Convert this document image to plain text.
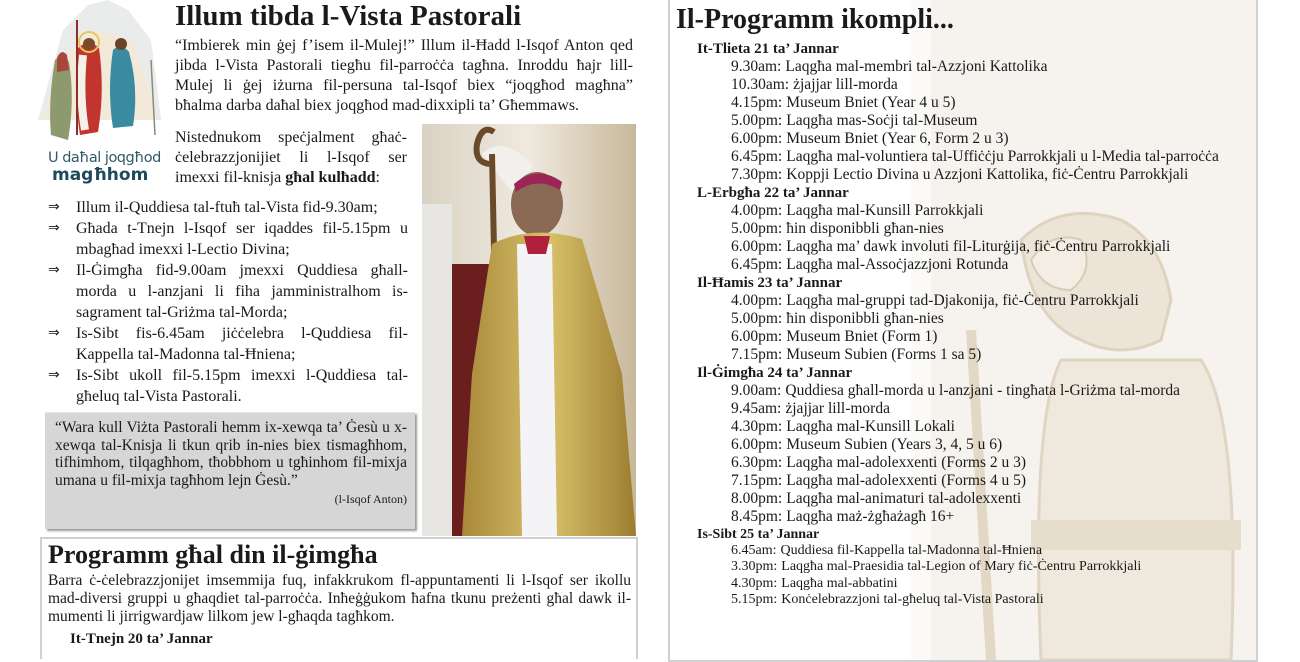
U daħal joqgħod
magħhom
Illum tibda l-Vista Pastorali

“Imbierek min ġej f’isem il-Mulej!” Illum il-Ħadd l-Isqof Anton qed jibda l-Vista Pastorali tiegħu fil-parroċċa tagħna. Inroddu ħajr lill-Mulej li ġej iżurna fil-persuna tal-Isqof biex “joqgħod magħna” bħalma darba daħal biex joqgħod mad-dixxipli ta’ Għemmaws.

Nistednukom speċjalment għaċ-ċelebrazzjonijiet li l-Isqof ser imexxi fil-knisja għal kulħadd:

⇒	Illum il-Quddiesa tal-ftuħ tal-Vista fid-9.30am;
⇒	Għada t-Tnejn l-Isqof ser iqaddes fil-5.15pm u mbagħad imexxi l-Lectio Divina;
⇒	Il-Ġimgħa fid-9.00am jmexxi Quddiesa għall-morda u l-anzjani li fiha jamministralhom is-sagrament tal-Griżma tal-Morda;
⇒	Is-Sibt fis-6.45am jiċċelebra l-Quddiesa fil-Kappella tal-Madonna tal-Ħniena;
⇒	Is-Sibt ukoll fil-5.15pm imexxi l-Quddiesa tal-għeluq tal-Vista Pastorali.
“Wara kull Viżta Pastorali hemm ix-xewqa ta’ Ġesù u x-xewqa tal-Knisja li tkun qrib in-nies biex tismagħhom, tifhimhom, tilqagħhom, tħobbhom u tgħinhom fil-mixja umana u fil-mixja tagħhom lejn Ġesù.”
(l-Isqof Anton)
Programm għal din il-ġimgħa

Barra ċ-ċelebrazzjonijet imsemmija fuq, infakkrukom fl-appuntamenti li l-Isqof ser ikollu mad-diversi gruppi u għaqdiet tal-parroċċa. Inħeġġukom ħafna tkunu preżenti għal dawk il-mumenti li jirrigwardjaw lilkom jew l-għaqda tagħkom.

It-Tnejn 20 ta’ Jannar
Il-Programm ikompli...
It-Tlieta 21 ta’ Jannar
9.30am: Laqgħa mal-membri tal-Azzjoni Kattolika
10.30am: żjajjar lill-morda
4.15pm: Museum Bniet (Year 4 u 5)
5.00pm: Laqgħa mas-Soċji tal-Museum
6.00pm: Museum Bniet (Year 6, Form 2 u 3)
6.45pm: Laqgħa mal-voluntiera tal-Uffiċċju Parrokkjali u l-Media tal-parroċċa
7.30pm: Koppji Lectio Divina u Azzjoni Kattolika, fiċ-Ċentru Parrokkjali
L-Erbgħa 22 ta’ Jannar
4.00pm: Laqgħa mal-Kunsill Parrokkjali
5.00pm: ħin disponibbli għan-nies
6.00pm: Laqgħa ma’ dawk involuti fil-Liturġija, fiċ-Ċentru Parrokkjali
6.45pm: Laqgħa mal-Assoċjazzjoni Rotunda
Il-Ħamis 23 ta’ Jannar
4.00pm: Laqgħa mal-gruppi tad-Djakonija, fiċ-Ċentru Parrokkjali
5.00pm: ħin disponibbli għan-nies
6.00pm: Museum Bniet (Form 1)
7.15pm: Museum Subien (Forms 1 sa 5)
Il-Ġimgħa 24 ta’ Jannar
9.00am: Quddiesa għall-morda u l-anzjani - tingħata l-Griżma tal-morda
9.45am: żjajjar lill-morda
4.30pm: Laqgħa mal-Kunsill Lokali
6.00pm: Museum Subien (Years 3, 4, 5 u 6)
6.30pm: Laqgħa mal-adolexxenti (Forms 2 u 3)
7.15pm: Laqgħa mal-adolexxenti (Forms 4 u 5)
8.00pm: Laqgħa mal-animaturi tal-adolexxenti
8.45pm: Laqgħa maż-żgħażagħ 16+
Is-Sibt 25 ta’ Jannar
6.45am: Quddiesa fil-Kappella tal-Madonna tal-Ħniena
3.30pm: Laqgħa mal-Praesidia tal-Legion of Mary fiċ-Ċentru Parrokkjali
4.30pm: Laqgħa mal-abbatini
5.15pm: Konċelebrazzjoni tal-għeluq tal-Vista Pastorali
